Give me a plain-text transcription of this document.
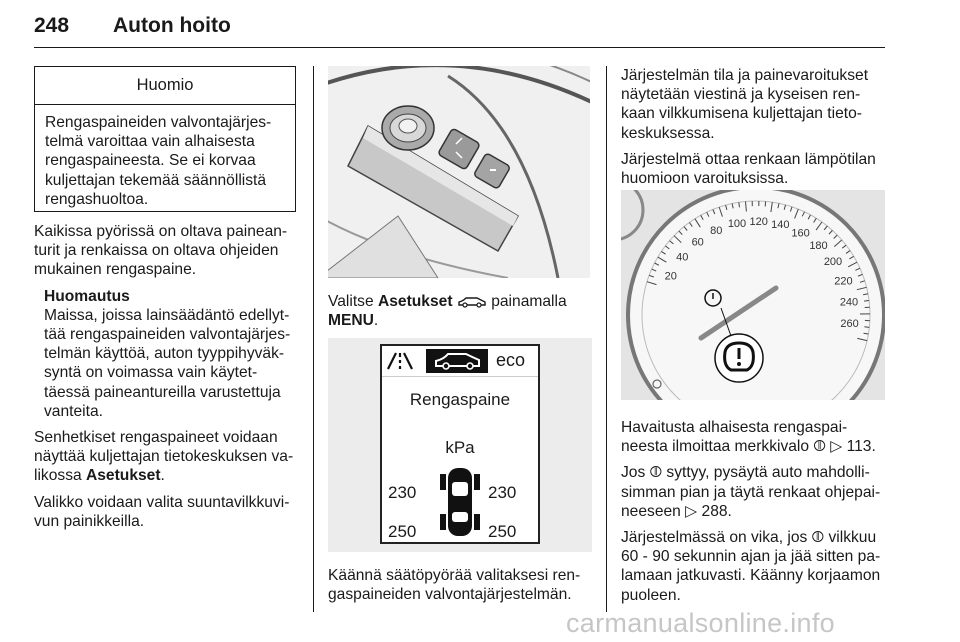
248 Auton hoito
Huomio
Rengaspaineiden valvontajärjes-telmä varoittaa vain alhaisesta rengaspaineesta. Se ei korvaa kuljettajan tekemää säännöllistä rengashuoltoa.

Kaikissa pyörissä on oltava painean-turit ja renkaissa on oltava ohjeiden mukainen rengaspaine.

Huomautus

Maissa, joissa lainsäädäntö edellyt-tää rengaspaineiden valvontajärjes-telmän käyttöä, auton tyyppihyväk-syntä on voimassa vain käytet-täessä paineantureilla varustettuja vanteita.

Senhetkiset rengaspaineet voidaan näyttää kuljettajan tietokeskuksen va-likossa Asetukset.

Valikko voidaan valita suuntavilkkuvi-vun painikkeilla.

Valitse Asetukset  painamalla
MENU.

eco
Rengaspaine
kPa
230	230
250	250

Käännä säätöpyörää valitaksesi ren-gaspaineiden valvontajärjestelmän.

Järjestelmän tila ja painevaroitukset näytetään viestinä ja kyseisen ren-kaan vilkkumisena kuljettajan tieto-keskuksessa.

Järjestelmä ottaa renkaan lämpötilan huomioon varoituksissa.

20
40
60
80
100 120 140
160
180
200
220
240
260

Havaitusta alhaisesta rengaspai-neesta ilmoittaa merkkivalo ⦷ ▷ 113.

Jos ⦷ syttyy, pysäytä auto mahdolli-simman pian ja täytä renkaat ohjepai-neeseen ▷ 288.

Järjestelmässä on vika, jos ⦷ vilkkuu 60 - 90 sekunnin ajan ja jää sitten pa-lamaan jatkuvasti. Käänny korjaamon puoleen.

carmanualsonline.info
